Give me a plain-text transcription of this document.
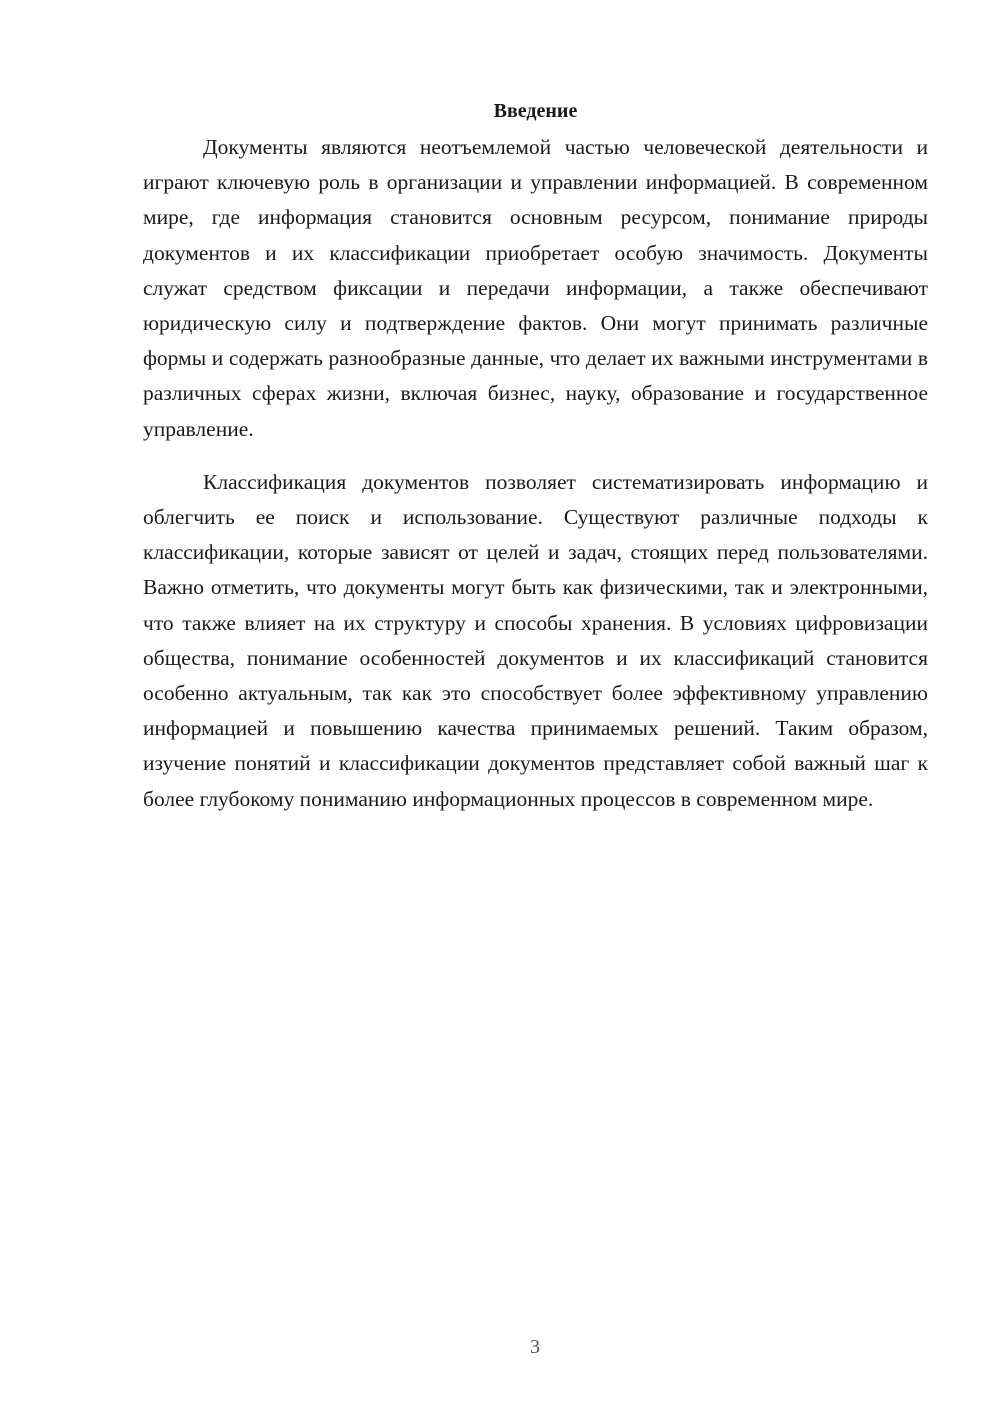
Введение

Документы являются неотъемлемой частью человеческой деятельности и играют ключевую роль в организации и управлении информацией. В современном мире, где информация становится основным ресурсом, понимание природы документов и их классификации приобретает особую значимость. Документы служат средством фиксации и передачи информации, а также обеспечивают юридическую силу и подтверждение фактов. Они могут принимать различные формы и содержать разнообразные данные, что делает их важными инструментами в различных сферах жизни, включая бизнес, науку, образование и государственное управление.

Классификация документов позволяет систематизировать информацию и облегчить ее поиск и использование. Существуют различные подходы к классификации, которые зависят от целей и задач, стоящих перед пользователями. Важно отметить, что документы могут быть как физическими, так и электронными, что также влияет на их структуру и способы хранения. В условиях цифровизации общества, понимание особенностей документов и их классификаций становится особенно актуальным, так как это способствует более эффективному управлению информацией и повышению качества принимаемых решений. Таким образом, изучение понятий и классификации документов представляет собой важный шаг к более глубокому пониманию информационных процессов в современном мире.

3
